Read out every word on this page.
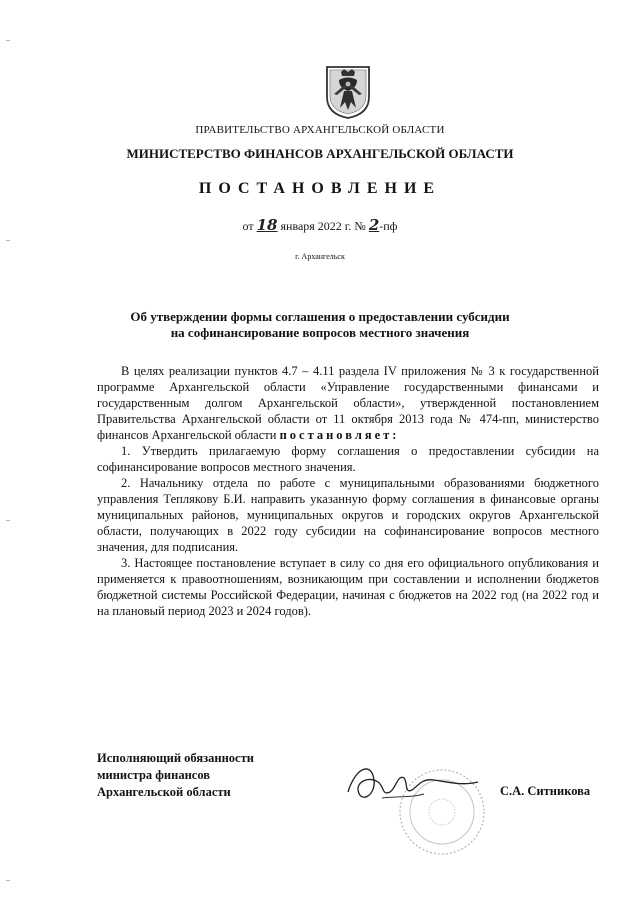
ПРАВИТЕЛЬСТВО АРХАНГЕЛЬСКОЙ ОБЛАСТИ
МИНИСТЕРСТВО ФИНАНСОВ АРХАНГЕЛЬСКОЙ ОБЛАСТИ
ПОСТАНОВЛЕНИЕ
от 18 января 2022 г. № 2-пф
г. Архангельск
Об утверждении формы соглашения о предоставлении субсидии
на софинансирование вопросов местного значения

В целях реализации пунктов 4.7 – 4.11 раздела IV приложения № 3 к государственной программе Архангельской области «Управление государственными финансами и государственным долгом Архангельской области», утвержденной постановлением Правительства Архангельской области от 11 октября 2013 года № 474-пп, министерство финансов Архангельской области постановляет:

1. Утвердить прилагаемую форму соглашения о предоставлении субсидии на софинансирование вопросов местного значения.

2. Начальнику отдела по работе с муниципальными образованиями бюджетного управления Теплякову Б.И. направить указанную форму соглашения в финансовые органы муниципальных районов, муниципальных округов и городских округов Архангельской области, получающих в 2022 году субсидии на софинансирование вопросов местного значения, для подписания.

3. Настоящее постановление вступает в силу со дня его официального опубликования и применяется к правоотношениям, возникающим при составлении и исполнении бюджетов бюджетной системы Российской Федерации, начиная с бюджетов на 2022 год (на 2022 год и на плановый период 2023 и 2024 годов).

Исполняющий обязанности
министра финансов
Архангельской области	С.А. Ситникова
